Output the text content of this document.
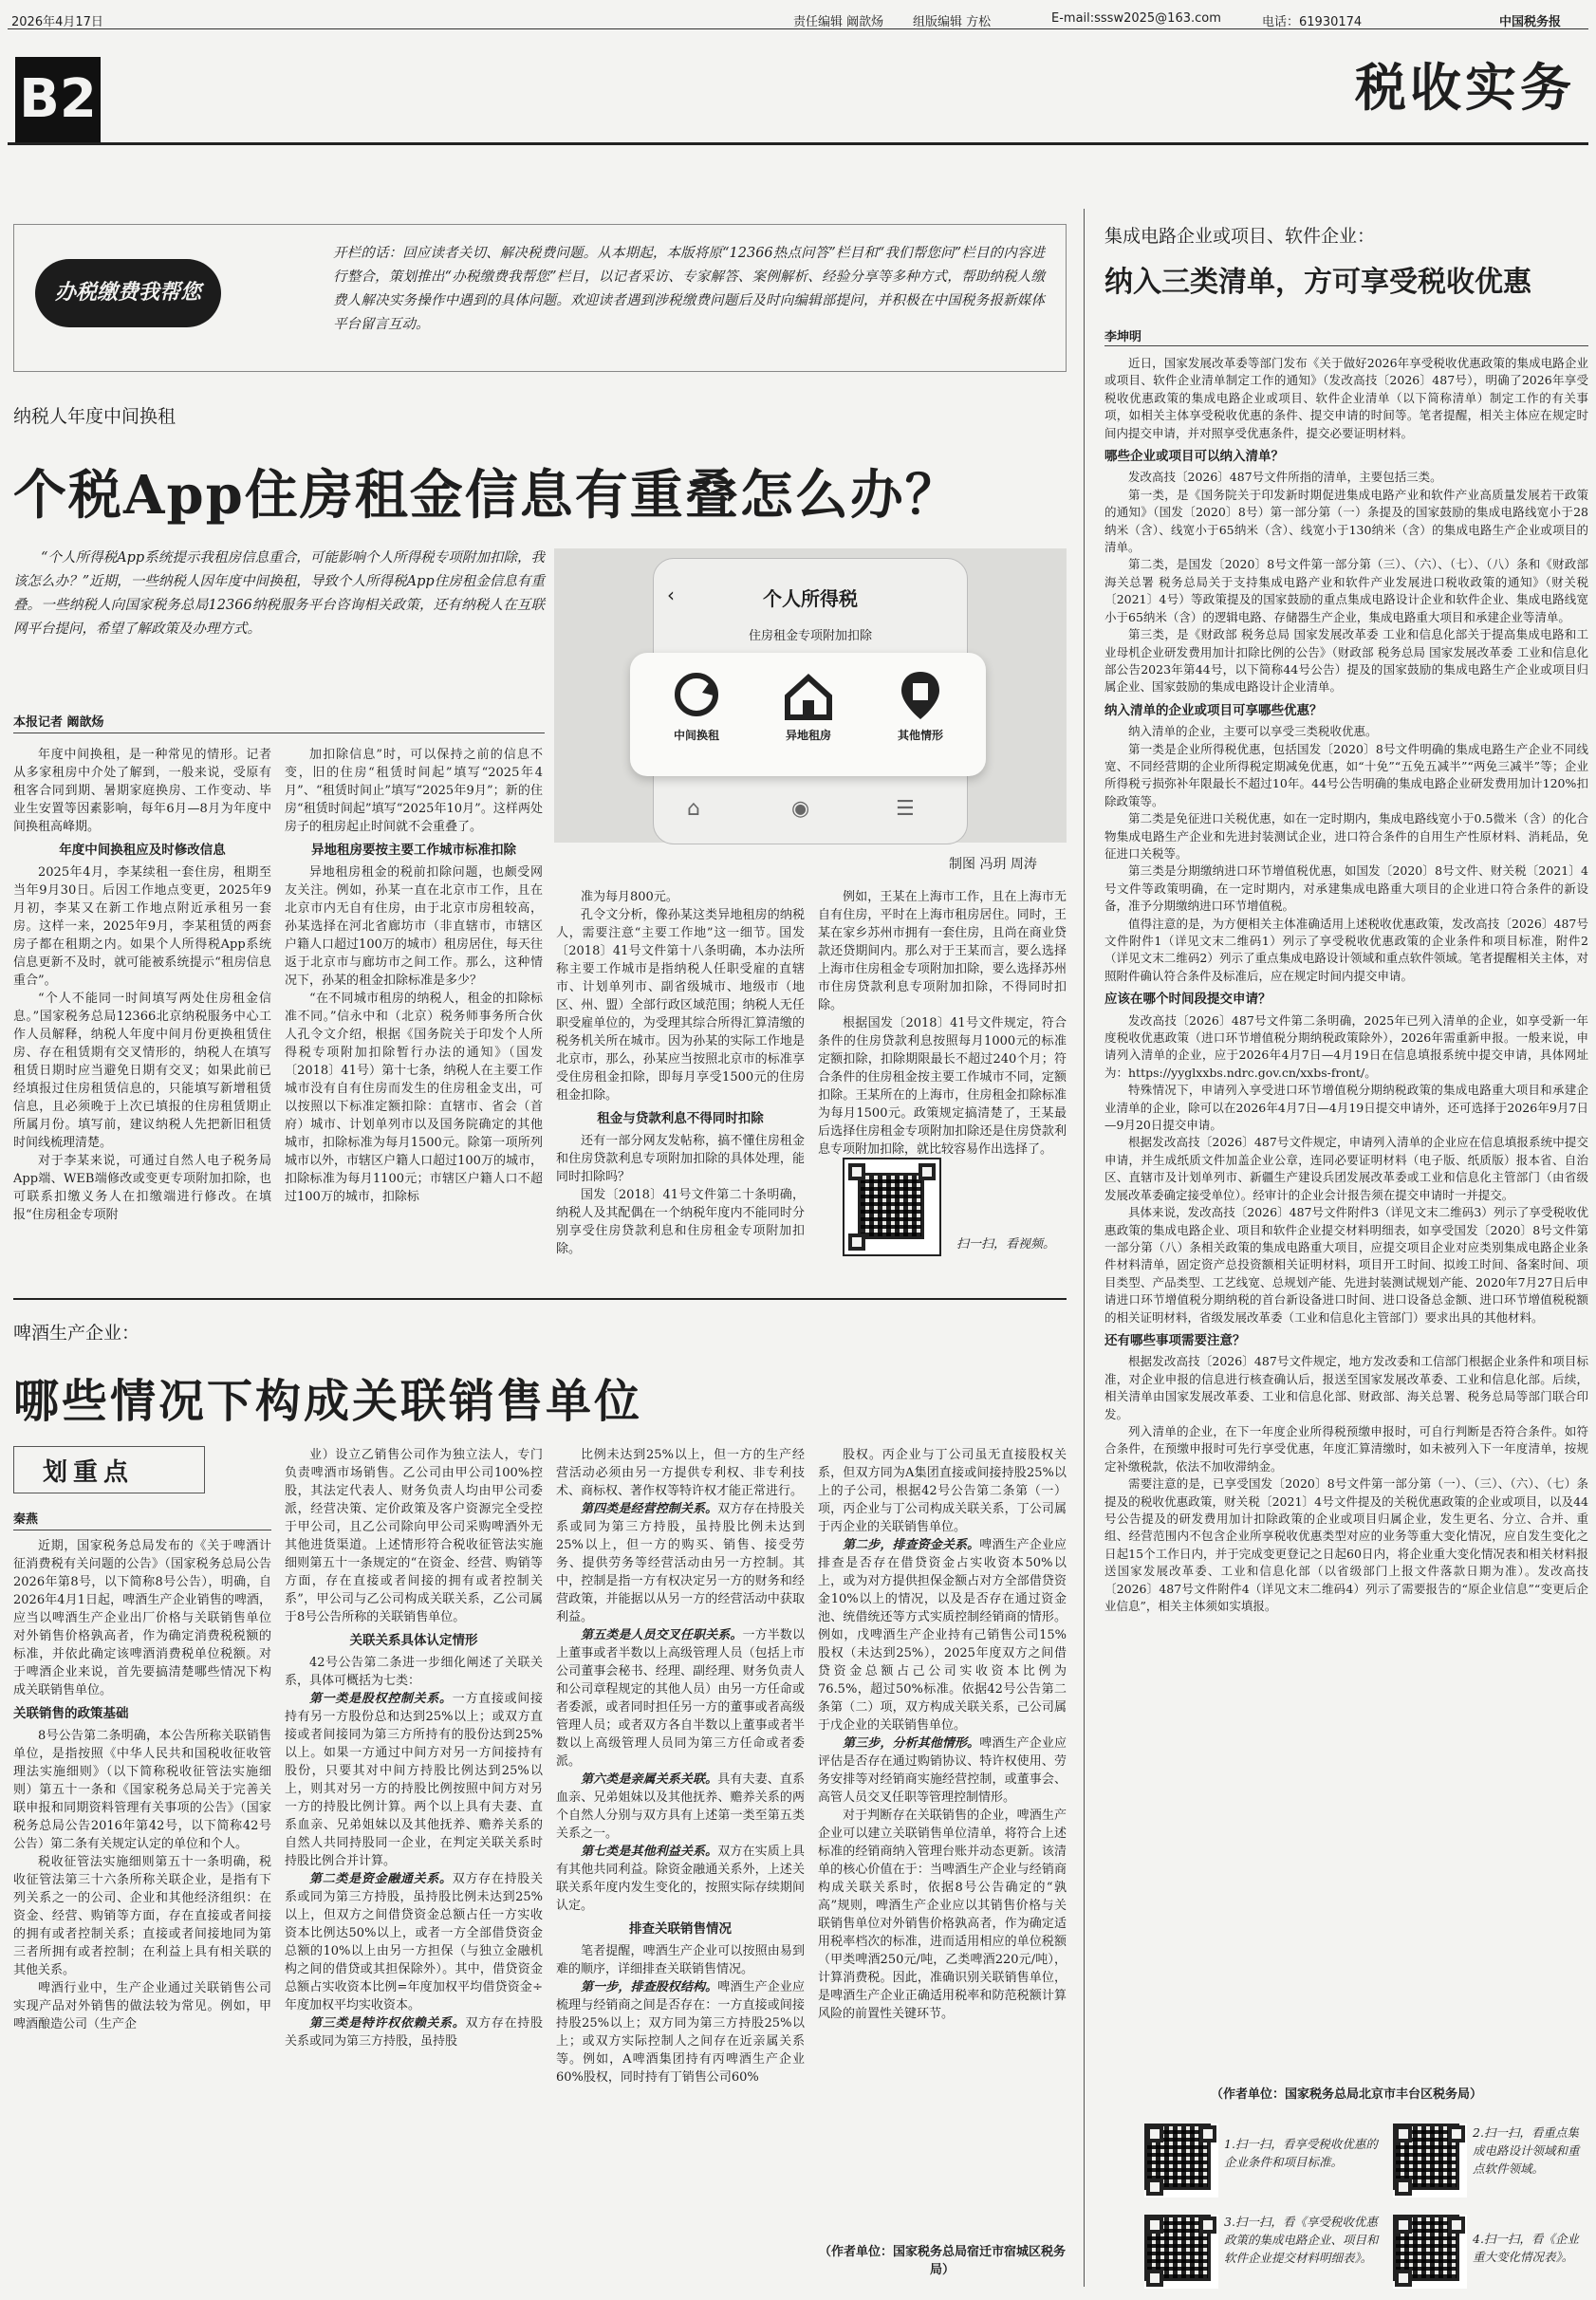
2026年4月17日	责任编辑 阚歆炀 组版编辑 方松	E-mail:sssw2025@163.com	电话：61930174	中国税务报
B2	税收实务
办税缴费我帮您
开栏的话：回应读者关切、解决税费问题。从本期起，本版将原“12366热点问答”栏目和“我们帮您问”栏目的内容进行整合，策划推出“办税缴费我帮您”栏目，以记者采访、专家解答、案例解析、经验分享等多种方式，帮助纳税人缴费人解决实务操作中遇到的具体问题。欢迎读者遇到涉税缴费问题后及时向编辑部提问，并积极在中国税务报新媒体平台留言互动。
纳税人年度中间换租
个税App住房租金信息有重叠怎么办？
“个人所得税App系统提示我租房信息重合，可能影响个人所得税专项附加扣除，我该怎么办？”近期，一些纳税人因年度中间换租，导致个人所得税App住房租金信息有重叠。一些纳税人向国家税务总局12366纳税服务平台咨询相关政策，还有纳税人在互联网平台提问，希望了解政策及办理方式。
本报记者 阚歆炀
‹	个人所得税
住房租金专项附加扣除
中间换租	异地租房	其他情形
⌂	◉	☰
制图 冯玥 周涛

年度中间换租，是一种常见的情形。记者从多家租房中介处了解到，一般来说，受原有租客合同到期、暑期家庭换房、工作变动、毕业生安置等因素影响，每年6月—8月为年度中间换租高峰期。

年度中间换租应及时修改信息

2025年4月，李某续租一套住房，租期至当年9月30日。后因工作地点变更，2025年9月初，李某又在新工作地点附近承租另一套房。这样一来，2025年9月，李某租赁的两套房子都在租期之内。如果个人所得税App系统信息更新不及时，就可能被系统提示“租房信息重合”。

“个人不能同一时间填写两处住房租金信息。”国家税务总局12366北京纳税服务中心工作人员解释，纳税人年度中间月份更换租赁住房、存在租赁期有交叉情形的，纳税人在填写租赁日期时应当避免日期有交叉；如果此前已经填报过住房租赁信息的，只能填写新增租赁信息，且必须晚于上次已填报的住房租赁期止所属月份。填写前，建议纳税人先把新旧租赁时间线梳理清楚。

对于李某来说，可通过自然人电子税务局App端、WEB端修改或变更专项附加扣除，也可联系扣缴义务人在扣缴端进行修改。在填报“住房租金专项附

加扣除信息”时，可以保持之前的信息不变，旧的住房“租赁时间起”填写“2025年4月”、“租赁时间止”填写“2025年9月”；新的住房“租赁时间起”填写“2025年10月”。这样两处房子的租房起止时间就不会重叠了。

异地租房要按主要工作城市标准扣除

异地租房租金的税前扣除问题，也颇受网友关注。例如，孙某一直在北京市工作，且在北京市内无自有住房，由于北京市房租较高，孙某选择在河北省廊坊市（非直辖市，市辖区户籍人口超过100万的城市）租房居住，每天往返于北京市与廊坊市之间工作。那么，这种情况下，孙某的租金扣除标准是多少？

“在不同城市租房的纳税人，租金的扣除标准不同。”信永中和（北京）税务师事务所合伙人孔令文介绍，根据《国务院关于印发个人所得税专项附加扣除暂行办法的通知》（国发〔2018〕41号）第十七条，纳税人在主要工作城市没有自有住房而发生的住房租金支出，可以按照以下标准定额扣除：直辖市、省会（首府）城市、计划单列市以及国务院确定的其他城市，扣除标准为每月1500元。除第一项所列城市以外，市辖区户籍人口超过100万的城市，扣除标准为每月1100元；市辖区户籍人口不超过100万的城市，扣除标

准为每月800元。

孔令文分析，像孙某这类异地租房的纳税人，需要注意“主要工作地”这一细节。国发〔2018〕41号文件第十八条明确，本办法所称主要工作城市是指纳税人任职受雇的直辖市、计划单列市、副省级城市、地级市（地区、州、盟）全部行政区域范围；纳税人无任职受雇单位的，为受理其综合所得汇算清缴的税务机关所在城市。因为孙某的实际工作地是北京市，那么，孙某应当按照北京市的标准享受住房租金扣除，即每月享受1500元的住房租金扣除。

租金与贷款利息不得同时扣除

还有一部分网友发帖称，搞不懂住房租金和住房贷款利息专项附加扣除的具体处理，能同时扣除吗？

国发〔2018〕41号文件第二十条明确，纳税人及其配偶在一个纳税年度内不能同时分别享受住房贷款利息和住房租金专项附加扣除。

例如，王某在上海市工作，且在上海市无自有住房，平时在上海市租房居住。同时，王某在家乡苏州市拥有一套住房，且尚在商业贷款还贷期间内。那么对于王某而言，要么选择上海市住房租金专项附加扣除，要么选择苏州市住房贷款利息专项附加扣除，不得同时扣除。

根据国发〔2018〕41号文件规定，符合条件的住房贷款利息按照每月1000元的标准定额扣除，扣除期限最长不超过240个月；符合条件的住房租金按主要工作城市不同，定额扣除。王某所在的上海市，住房租金扣除标准为每月1500元。政策规定搞清楚了，王某最后选择住房租金专项附加扣除还是住房贷款利息专项附加扣除，就比较容易作出选择了。

扫一扫，看视频。
啤酒生产企业：
哪些情况下构成关联销售单位
划重点
秦燕

近期，国家税务总局发布的《关于啤酒计征消费税有关问题的公告》（国家税务总局公告2026年第8号，以下简称8号公告），明确，自2026年4月1日起，啤酒生产企业销售的啤酒，应当以啤酒生产企业出厂价格与关联销售单位对外销售价格孰高者，作为确定消费税税额的标准，并依此确定该啤酒消费税单位税额。对于啤酒企业来说，首先要搞清楚哪些情况下构成关联销售单位。

关联销售的政策基础

8号公告第二条明确，本公告所称关联销售单位，是指按照《中华人民共和国税收征收管理法实施细则》（以下简称税收征管法实施细则）第五十一条和《国家税务总局关于完善关联申报和同期资料管理有关事项的公告》（国家税务总局公告2016年第42号，以下简称42号公告）第二条有关规定认定的单位和个人。

税收征管法实施细则第五十一条明确，税收征管法第三十六条所称关联企业，是指有下列关系之一的公司、企业和其他经济组织：在资金、经营、购销等方面，存在直接或者间接的拥有或者控制关系；直接或者间接地同为第三者所拥有或者控制；在利益上具有相关联的其他关系。

啤酒行业中，生产企业通过关联销售公司实现产品对外销售的做法较为常见。例如，甲啤酒酿造公司（生产企

业）设立乙销售公司作为独立法人，专门负责啤酒市场销售。乙公司由甲公司100%控股，其法定代表人、财务负责人均由甲公司委派，经营决策、定价政策及客户资源完全受控于甲公司，且乙公司除向甲公司采购啤酒外无其他进货渠道。上述情形符合税收征管法实施细则第五十一条规定的“在资金、经营、购销等方面，存在直接或者间接的拥有或者控制关系”，甲公司与乙公司构成关联关系，乙公司属于8号公告所称的关联销售单位。

关联关系具体认定情形

42号公告第二条进一步细化阐述了关联关系，具体可概括为七类：

第一类是股权控制关系。一方直接或间接持有另一方股份总和达到25%以上；或双方直接或者间接同为第三方所持有的股份达到25%以上。如果一方通过中间方对另一方间接持有股份，只要其对中间方持股比例达到25%以上，则其对另一方的持股比例按照中间方对另一方的持股比例计算。两个以上具有夫妻、直系血亲、兄弟姐妹以及其他抚养、赡养关系的自然人共同持股同一企业，在判定关联关系时持股比例合并计算。

第二类是资金融通关系。双方存在持股关系或同为第三方持股，虽持股比例未达到25%以上，但双方之间借贷资金总额占任一方实收资本比例达50%以上，或者一方全部借贷资金总额的10%以上由另一方担保（与独立金融机构之间的借贷或其担保除外）。其中，借贷资金总额占实收资本比例=年度加权平均借贷资金÷年度加权平均实收资本。

第三类是特许权依赖关系。双方存在持股关系或同为第三方持股，虽持股

比例未达到25%以上，但一方的生产经营活动必须由另一方提供专利权、非专利技术、商标权、著作权等特许权才能正常进行。

第四类是经营控制关系。双方存在持股关系或同为第三方持股，虽持股比例未达到25%以上，但一方的购买、销售、接受劳务、提供劳务等经营活动由另一方控制。其中，控制是指一方有权决定另一方的财务和经营政策，并能据以从另一方的经营活动中获取利益。

第五类是人员交叉任职关系。一方半数以上董事或者半数以上高级管理人员（包括上市公司董事会秘书、经理、副经理、财务负责人和公司章程规定的其他人员）由另一方任命或者委派，或者同时担任另一方的董事或者高级管理人员；或者双方各自半数以上董事或者半数以上高级管理人员同为第三方任命或者委派。

第六类是亲属关系关联。具有夫妻、直系血亲、兄弟姐妹以及其他抚养、赡养关系的两个自然人分别与双方具有上述第一类至第五类关系之一。

第七类是其他利益关系。双方在实质上具有其他共同利益。除资金融通关系外，上述关联关系年度内发生变化的，按照实际存续期间认定。

排查关联销售情况

笔者提醒，啤酒生产企业可以按照由易到难的顺序，详细排查关联销售情况。

第一步，排查股权结构。啤酒生产企业应梳理与经销商之间是否存在：一方直接或间接持股25%以上；双方同为第三方持股25%以上；或双方实际控制人之间存在近亲属关系等。例如，A啤酒集团持有丙啤酒生产企业60%股权，同时持有丁销售公司60%

股权。丙企业与丁公司虽无直接股权关系，但双方同为A集团直接或间接持股25%以上的子公司，根据42号公告第二条第（一）项，丙企业与丁公司构成关联关系，丁公司属于丙企业的关联销售单位。

第二步，排查资金关系。啤酒生产企业应排查是否存在借贷资金占实收资本50%以上，或为对方提供担保金额占对方全部借贷资金10%以上的情况，以及是否存在通过资金池、统借统还等方式实质控制经销商的情形。例如，戊啤酒生产企业持有己销售公司15%股权（未达到25%），2025年度双方之间借贷资金总额占己公司实收资本比例为76.5%，超过50%标准。依据42号公告第二条第（二）项，双方构成关联关系，己公司属于戊企业的关联销售单位。

第三步，分析其他情形。啤酒生产企业应评估是否存在通过购销协议、特许权使用、劳务安排等对经销商实施经营控制，或董事会、高管人员交叉任职等管理控制情形。

对于判断存在关联销售的企业，啤酒生产企业可以建立关联销售单位清单，将符合上述标准的经销商纳入管理台账并动态更新。该清单的核心价值在于：当啤酒生产企业与经销商构成关联关系时，依据8号公告确定的“孰高”规则，啤酒生产企业应以其销售价格与关联销售单位对外销售价格孰高者，作为确定适用税率档次的标准，进而适用相应的单位税额（甲类啤酒250元/吨，乙类啤酒220元/吨），计算消费税。因此，准确识别关联销售单位，是啤酒生产企业正确适用税率和防范税额计算风险的前置性关键环节。

（作者单位：国家税务总局宿迁市宿城区税务局）
集成电路企业或项目、软件企业：
纳入三类清单，方可享受税收优惠
李坤明

近日，国家发展改革委等部门发布《关于做好2026年享受税收优惠政策的集成电路企业或项目、软件企业清单制定工作的通知》（发改高技〔2026〕487号），明确了2026年享受税收优惠政策的集成电路企业或项目、软件企业清单（以下简称清单）制定工作的有关事项，如相关主体享受税收优惠的条件、提交申请的时间等。笔者提醒，相关主体应在规定时间内提交申请，并对照享受优惠条件，提交必要证明材料。

哪些企业或项目可以纳入清单？

发改高技〔2026〕487号文件所指的清单，主要包括三类。

第一类，是《国务院关于印发新时期促进集成电路产业和软件产业高质量发展若干政策的通知》（国发〔2020〕8号）第一部分第（一）条提及的国家鼓励的集成电路线宽小于28纳米（含）、线宽小于65纳米（含）、线宽小于130纳米（含）的集成电路生产企业或项目的清单。

第二类，是国发〔2020〕8号文件第一部分第（三）、（六）、（七）、（八）条和《财政部 海关总署 税务总局关于支持集成电路产业和软件产业发展进口税收政策的通知》（财关税〔2021〕4号）等政策提及的国家鼓励的重点集成电路设计企业和软件企业、集成电路线宽小于65纳米（含）的逻辑电路、存储器生产企业，集成电路重大项目和承建企业等清单。

第三类，是《财政部 税务总局 国家发展改革委 工业和信息化部关于提高集成电路和工业母机企业研发费用加计扣除比例的公告》（财政部 税务总局 国家发展改革委 工业和信息化部公告2023年第44号，以下简称44号公告）提及的国家鼓励的集成电路生产企业或项目归属企业、国家鼓励的集成电路设计企业清单。

纳入清单的企业或项目可享哪些优惠？

纳入清单的企业，主要可以享受三类税收优惠。

第一类是企业所得税优惠，包括国发〔2020〕8号文件明确的集成电路生产企业不同线宽、不同经营期的企业所得税定期减免优惠，如“十免”“五免五减半”“两免三减半”等；企业所得税亏损弥补年限最长不超过10年。44号公告明确的集成电路企业研发费用加计120%扣除政策等。

第二类是免征进口关税优惠，如在一定时期内，集成电路线宽小于0.5微米（含）的化合物集成电路生产企业和先进封装测试企业，进口符合条件的自用生产性原材料、消耗品，免征进口关税等。

第三类是分期缴纳进口环节增值税优惠，如国发〔2020〕8号文件、财关税〔2021〕4号文件等政策明确，在一定时期内，对承建集成电路重大项目的企业进口符合条件的新设备，准予分期缴纳进口环节增值税。

值得注意的是，为方便相关主体准确适用上述税收优惠政策，发改高技〔2026〕487号文件附件1（详见文末二维码1）列示了享受税收优惠政策的企业条件和项目标准，附件2（详见文末二维码2）列示了重点集成电路设计领域和重点软件领域。笔者提醒相关主体，对照附件确认符合条件及标准后，应在规定时间内提交申请。

应该在哪个时间段提交申请？

发改高技〔2026〕487号文件第二条明确，2025年已列入清单的企业，如享受新一年度税收优惠政策（进口环节增值税分期纳税政策除外），2026年需重新申报。一般来说，申请列入清单的企业，应于2026年4月7日—4月19日在信息填报系统中提交申请，具体网址为：https://yyglxxbs.ndrc.gov.cn/xxbs-front/。

特殊情况下，申请列入享受进口环节增值税分期纳税政策的集成电路重大项目和承建企业清单的企业，除可以在2026年4月7日—4月19日提交申请外，还可选择于2026年9月7日—9月20日提交申请。

根据发改高技〔2026〕487号文件规定，申请列入清单的企业应在信息填报系统中提交申请，并生成纸质文件加盖企业公章，连同必要证明材料（电子版、纸质版）报本省、自治区、直辖市及计划单列市、新疆生产建设兵团发展改革委或工业和信息化主管部门（由省级发展改革委确定接受单位）。经审计的企业会计报告须在提交申请时一并提交。

具体来说，发改高技〔2026〕487号文件附件3（详见文末二维码3）列示了享受税收优惠政策的集成电路企业、项目和软件企业提交材料明细表，如享受国发〔2020〕8号文件第一部分第（八）条相关政策的集成电路重大项目，应提交项目企业对应类别集成电路企业条件材料清单，固定资产总投资额相关证明材料，项目开工时间、拟竣工时间、备案时间、项目类型、产品类型、工艺线宽、总规划产能、先进封装测试规划产能、2020年7月27日后申请进口环节增值税分期纳税的首台新设备进口时间、进口设备总金额、进口环节增值税税额的相关证明材料，省级发展改革委（工业和信息化主管部门）要求出具的其他材料。

还有哪些事项需要注意？

根据发改高技〔2026〕487号文件规定，地方发改委和工信部门根据企业条件和项目标准，对企业申报的信息进行核查确认后，报送至国家发展改革委、工业和信息化部。后续，相关清单由国家发展改革委、工业和信息化部、财政部、海关总署、税务总局等部门联合印发。

列入清单的企业，在下一年度企业所得税预缴申报时，可自行判断是否符合条件。如符合条件，在预缴申报时可先行享受优惠，年度汇算清缴时，如未被列入下一年度清单，按规定补缴税款，依法不加收滞纳金。

需要注意的是，已享受国发〔2020〕8号文件第一部分第（一）、（三）、（六）、（七）条提及的税收优惠政策，财关税〔2021〕4号文件提及的关税优惠政策的企业或项目，以及44号公告提及的研发费用加计扣除政策的企业或项目归属企业，发生更名、分立、合并、重组、经营范围内不包含企业所享税收优惠类型对应的业务等重大变化情况，应自发生变化之日起15个工作日内，并于完成变更登记之日起60日内，将企业重大变化情况表和相关材料报送国家发展改革委、工业和信息化部（以省级部门上报文件落款日期为准）。发改高技〔2026〕487号文件附件4（详见文末二维码4）列示了需要报告的“原企业信息”“变更后企业信息”，相关主体须如实填报。

（作者单位：国家税务总局北京市丰台区税务局）
1.扫一扫，看享受税收优惠的企业条件和项目标准。
2.扫一扫，看重点集成电路设计领域和重点软件领域。
3.扫一扫，看《享受税收优惠政策的集成电路企业、项目和软件企业提交材料明细表》。
4.扫一扫，看《企业重大变化情况表》。
